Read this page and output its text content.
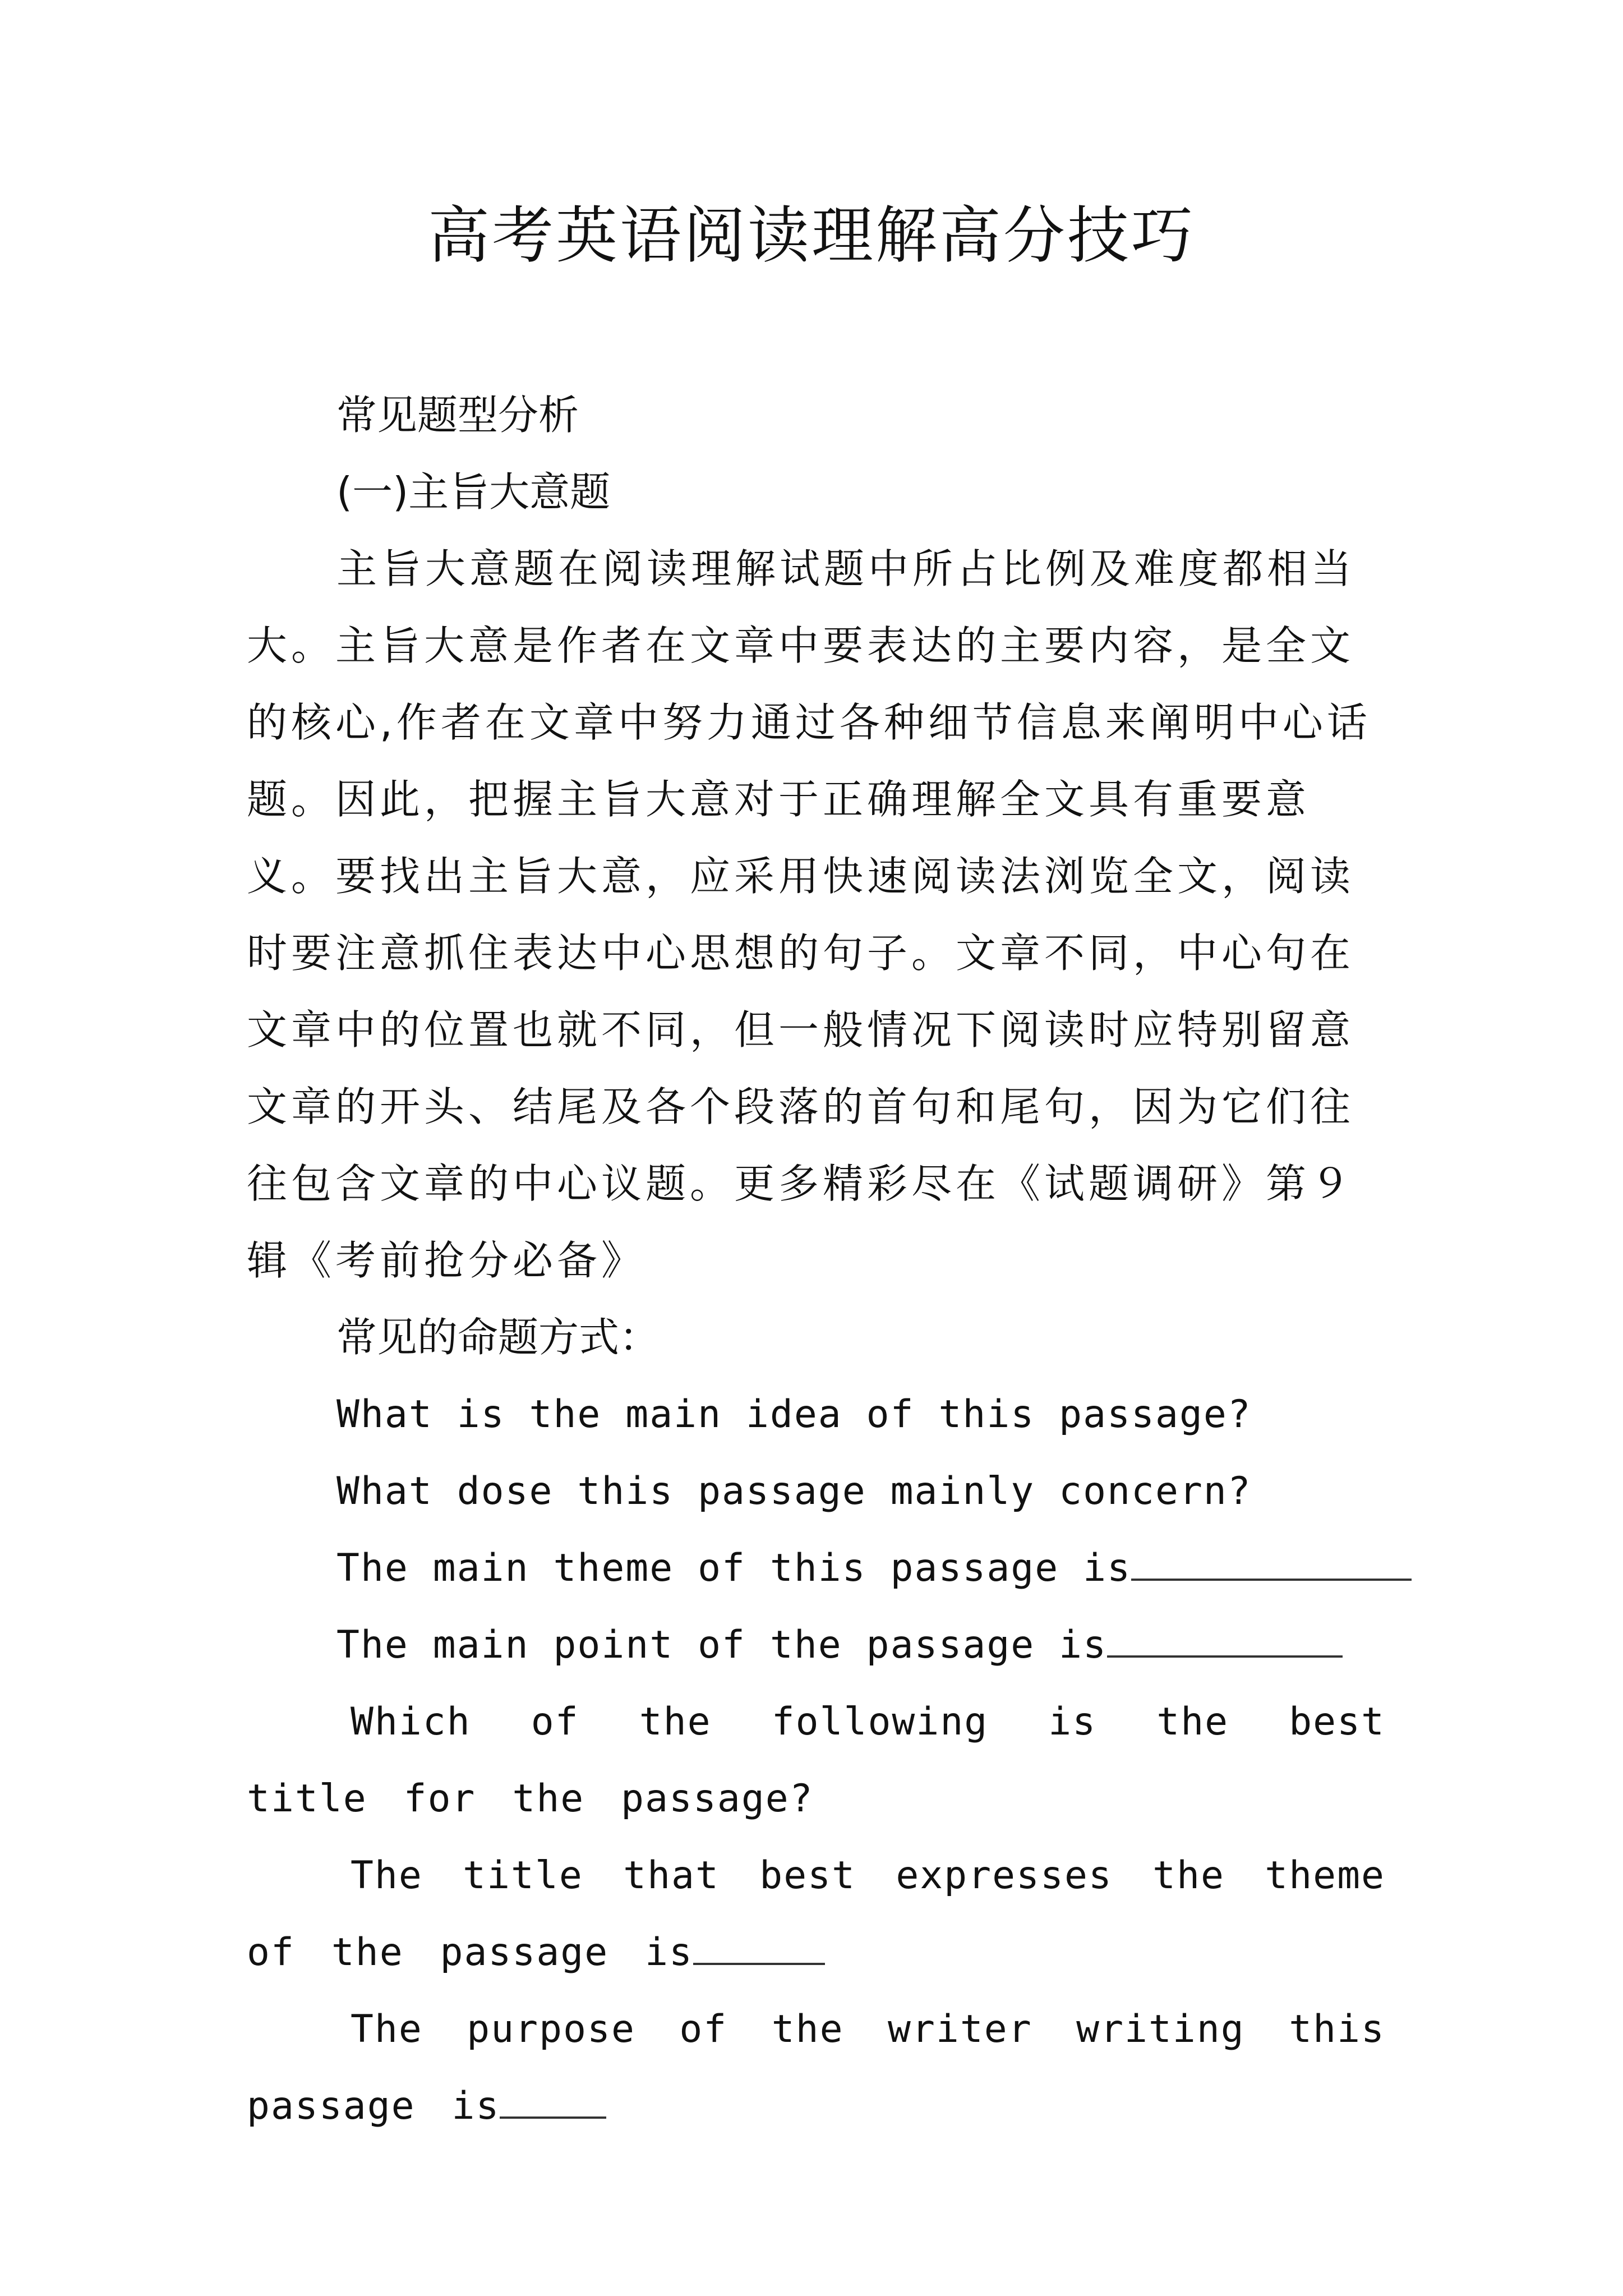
高考英语阅读理解高分技巧

常见题型分析

(一)主旨大意题

主旨大意题在阅读理解试题中所占比例及难度都相当大。主旨大意是作者在文章中要表达的主要内容，是全文的核心,作者在文章中努力通过各种细节信息来阐明中心话题。因此，把握主旨大意对于正确理解全文具有重要意义。要找出主旨大意，应采用快速阅读法浏览全文，阅读时要注意抓住表达中心思想的句子。文章不同，中心句在文章中的位置也就不同，但一般情况下阅读时应特别留意文章的开头、结尾及各个段落的首句和尾句，因为它们往往包含文章的中心议题。更多精彩尽在《试题调研》第９辑《考前抢分必备》

常见的命题方式：

What is the main idea of this passage?

What dose this passage mainly concern?

The main theme of this passage is

The main point of the passage is

Which of the following is the best title for the passage?

The title that best expresses the theme of the passage is

The purpose of the writer writing this passage is
